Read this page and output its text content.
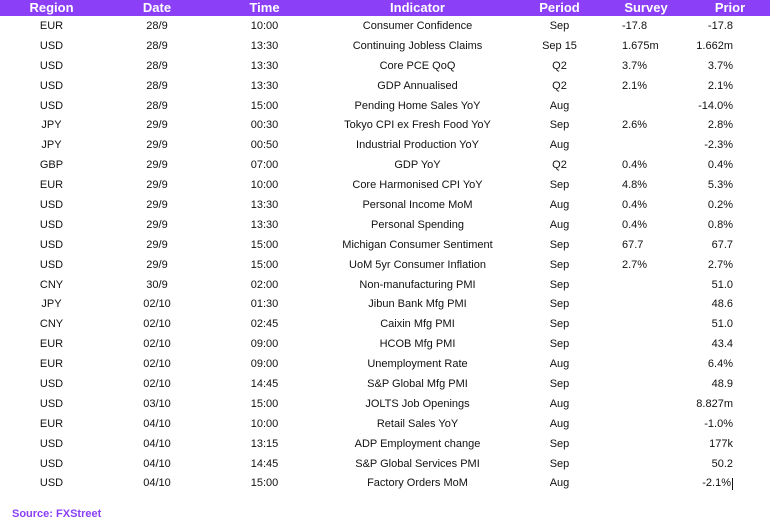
Region	Date	Time	Indicator	Period	Survey	Prior
EUR	28/9	10:00	Consumer Confidence	Sep	-17.8	-17.8
USD	28/9	13:30	Continuing Jobless Claims	Sep 15	1.675m	1.662m
USD	28/9	13:30	Core PCE QoQ	Q2	3.7%	3.7%
USD	28/9	13:30	GDP Annualised	Q2	2.1%	2.1%
USD	28/9	15:00	Pending Home Sales YoY	Aug		-14.0%
JPY	29/9	00:30	Tokyo CPI ex Fresh Food YoY	Sep	2.6%	2.8%
JPY	29/9	00:50	Industrial Production YoY	Aug		-2.3%
GBP	29/9	07:00	GDP YoY	Q2	0.4%	0.4%
EUR	29/9	10:00	Core Harmonised CPI YoY	Sep	4.8%	5.3%
USD	29/9	13:30	Personal Income MoM	Aug	0.4%	0.2%
USD	29/9	13:30	Personal Spending	Aug	0.4%	0.8%
USD	29/9	15:00	Michigan Consumer Sentiment	Sep	67.7	67.7
USD	29/9	15:00	UoM 5yr Consumer Inflation	Sep	2.7%	2.7%
CNY	30/9	02:00	Non-manufacturing PMI	Sep		51.0
JPY	02/10	01:30	Jibun Bank Mfg PMI	Sep		48.6
CNY	02/10	02:45	Caixin Mfg PMI	Sep		51.0
EUR	02/10	09:00	HCOB Mfg PMI	Sep		43.4
EUR	02/10	09:00	Unemployment Rate	Aug		6.4%
USD	02/10	14:45	S&P Global Mfg PMI	Sep		48.9
USD	03/10	15:00	JOLTS Job Openings	Aug		8.827m
EUR	04/10	10:00	Retail Sales YoY	Aug		-1.0%
USD	04/10	13:15	ADP Employment change	Sep		177k
USD	04/10	14:45	S&P Global Services PMI	Sep		50.2
USD	04/10	15:00	Factory Orders MoM	Aug		-2.1%
Source: FXStreet
